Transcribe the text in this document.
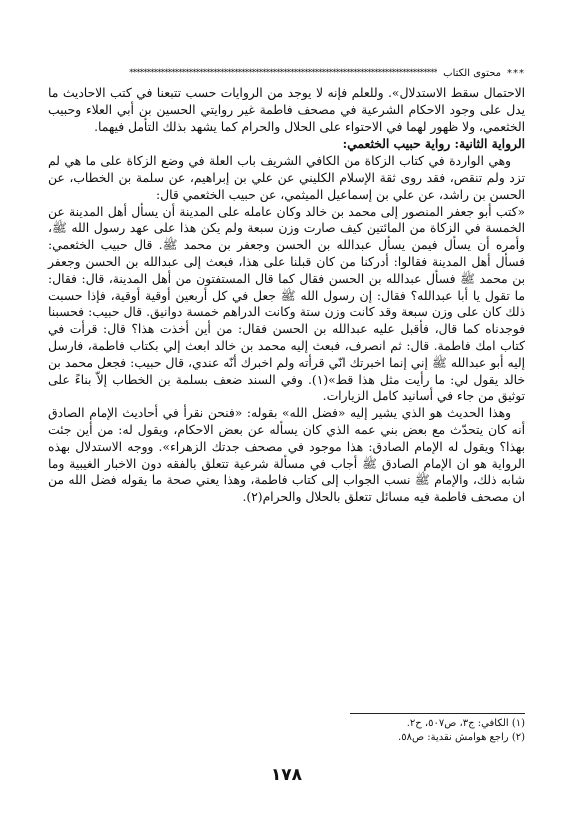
***
محتوى الكتاب
****************************************************************************************

الاحتمال سقط الاستدلال». وللعلم فإنه لا يوجد من الروايات حسب تتبعنا في كتب الاحاديث ما يدل على وجود الاحكام الشرعية في مصحف فاطمة غير روايتي الحسين بن أبي العلاء وحبيب الخثعمي، ولا ظهور لهما في الاحتواء على الحلال والحرام كما يشهد بذلك التأمل فيهما.

الرواية الثانية: رواية حبيب الخثعمي:

وهي الواردة في كتاب الزكاة من الكافي الشريف باب العلة في وضع الزكاة على ما هي لم تزد ولم تنقص، فقد روى ثقة الإسلام الكليني عن علي بن إبراهيم، عن سلمة بن الخطاب، عن الحسن بن راشد، عن علي بن إسماعيل الميثمي، عن حبيب الخثعمي قال:

«كتب أبو جعفر المنصور إلى محمد بن خالد وكان عامله على المدينة أن يسأل أهل المدينة عن الخمسة في الزكاة من المائتين كيف صارت وزن سبعة ولم يكن هذا على عهد رسول الله ﷺ، وأمره أن يسأل فيمن يسأل عبدالله بن الحسن وجعفر بن محمد ﷺ. قال حبيب الخثعمي: فسأل أهل المدينة فقالوا: أدركنا من كان قبلنا على هذا، فبعث إلى عبدالله بن الحسن وجعفر بن محمد ﷺ فسأل عبدالله بن الحسن فقال كما قال المستفتون من أهل المدينة، قال: فقال: ما تقول يا أبا عبدالله؟ فقال: إن رسول الله ﷺ جعل في كل أربعين أوقية أوقية، فإذا حسبت ذلك كان على وزن سبعة وقد كانت وزن ستة وكانت الدراهم خمسة دوانيق. قال حبيب: فحسبنا فوجدناه كما قال، فأقبل عليه عبدالله بن الحسن فقال: من أين أخذت هذا؟ قال: قرأت في كتاب امك فاطمة. قال: ثم انصرف، فبعث إليه محمد بن خالد ابعث إلي بكتاب فاطمة، فارسل إليه أبو عبدالله ﷺ إني إنما اخبرتك انّي قرأته ولم اخبرك أنّه عندي، قال حبيب: فجعل محمد بن خالد يقول لي: ما رأيت مثل هذا قط»(١). وفي السند ضعف بسلمة بن الخطاب إلاّ بناءً على توثيق من جاء في أسانيد كامل الزيارات.

وهذا الحديث هو الذي يشير إليه «فضل الله» بقوله: «فنحن نقرأ في أحاديث الإمام الصادق أنه كان يتحدّث مع بعض بني عمه الذي كان يسأله عن بعض الاحكام، ويقول له: من أين جئت بهذا؟ ويقول له الإمام الصادق: هذا موجود في مصحف جدتك الزهراء». ووجه الاستدلال بهذه الرواية هو ان الإمام الصادق ﷺ أجاب في مسألة شرعية تتعلق بالفقه دون الاخبار الغيبية وما شابه ذلك، والإمام ﷺ نسب الجواب إلى كتاب فاطمة، وهذا يعني صحة ما يقوله فضل الله من ان مصحف فاطمة فيه مسائل تتعلق بالحلال والحرام(٢).

(١) الكافي: ج٣، ص٥٠٧، ح٢.
(٢) راجع هوامش نقدية: ص٥٨.
١٧٨
